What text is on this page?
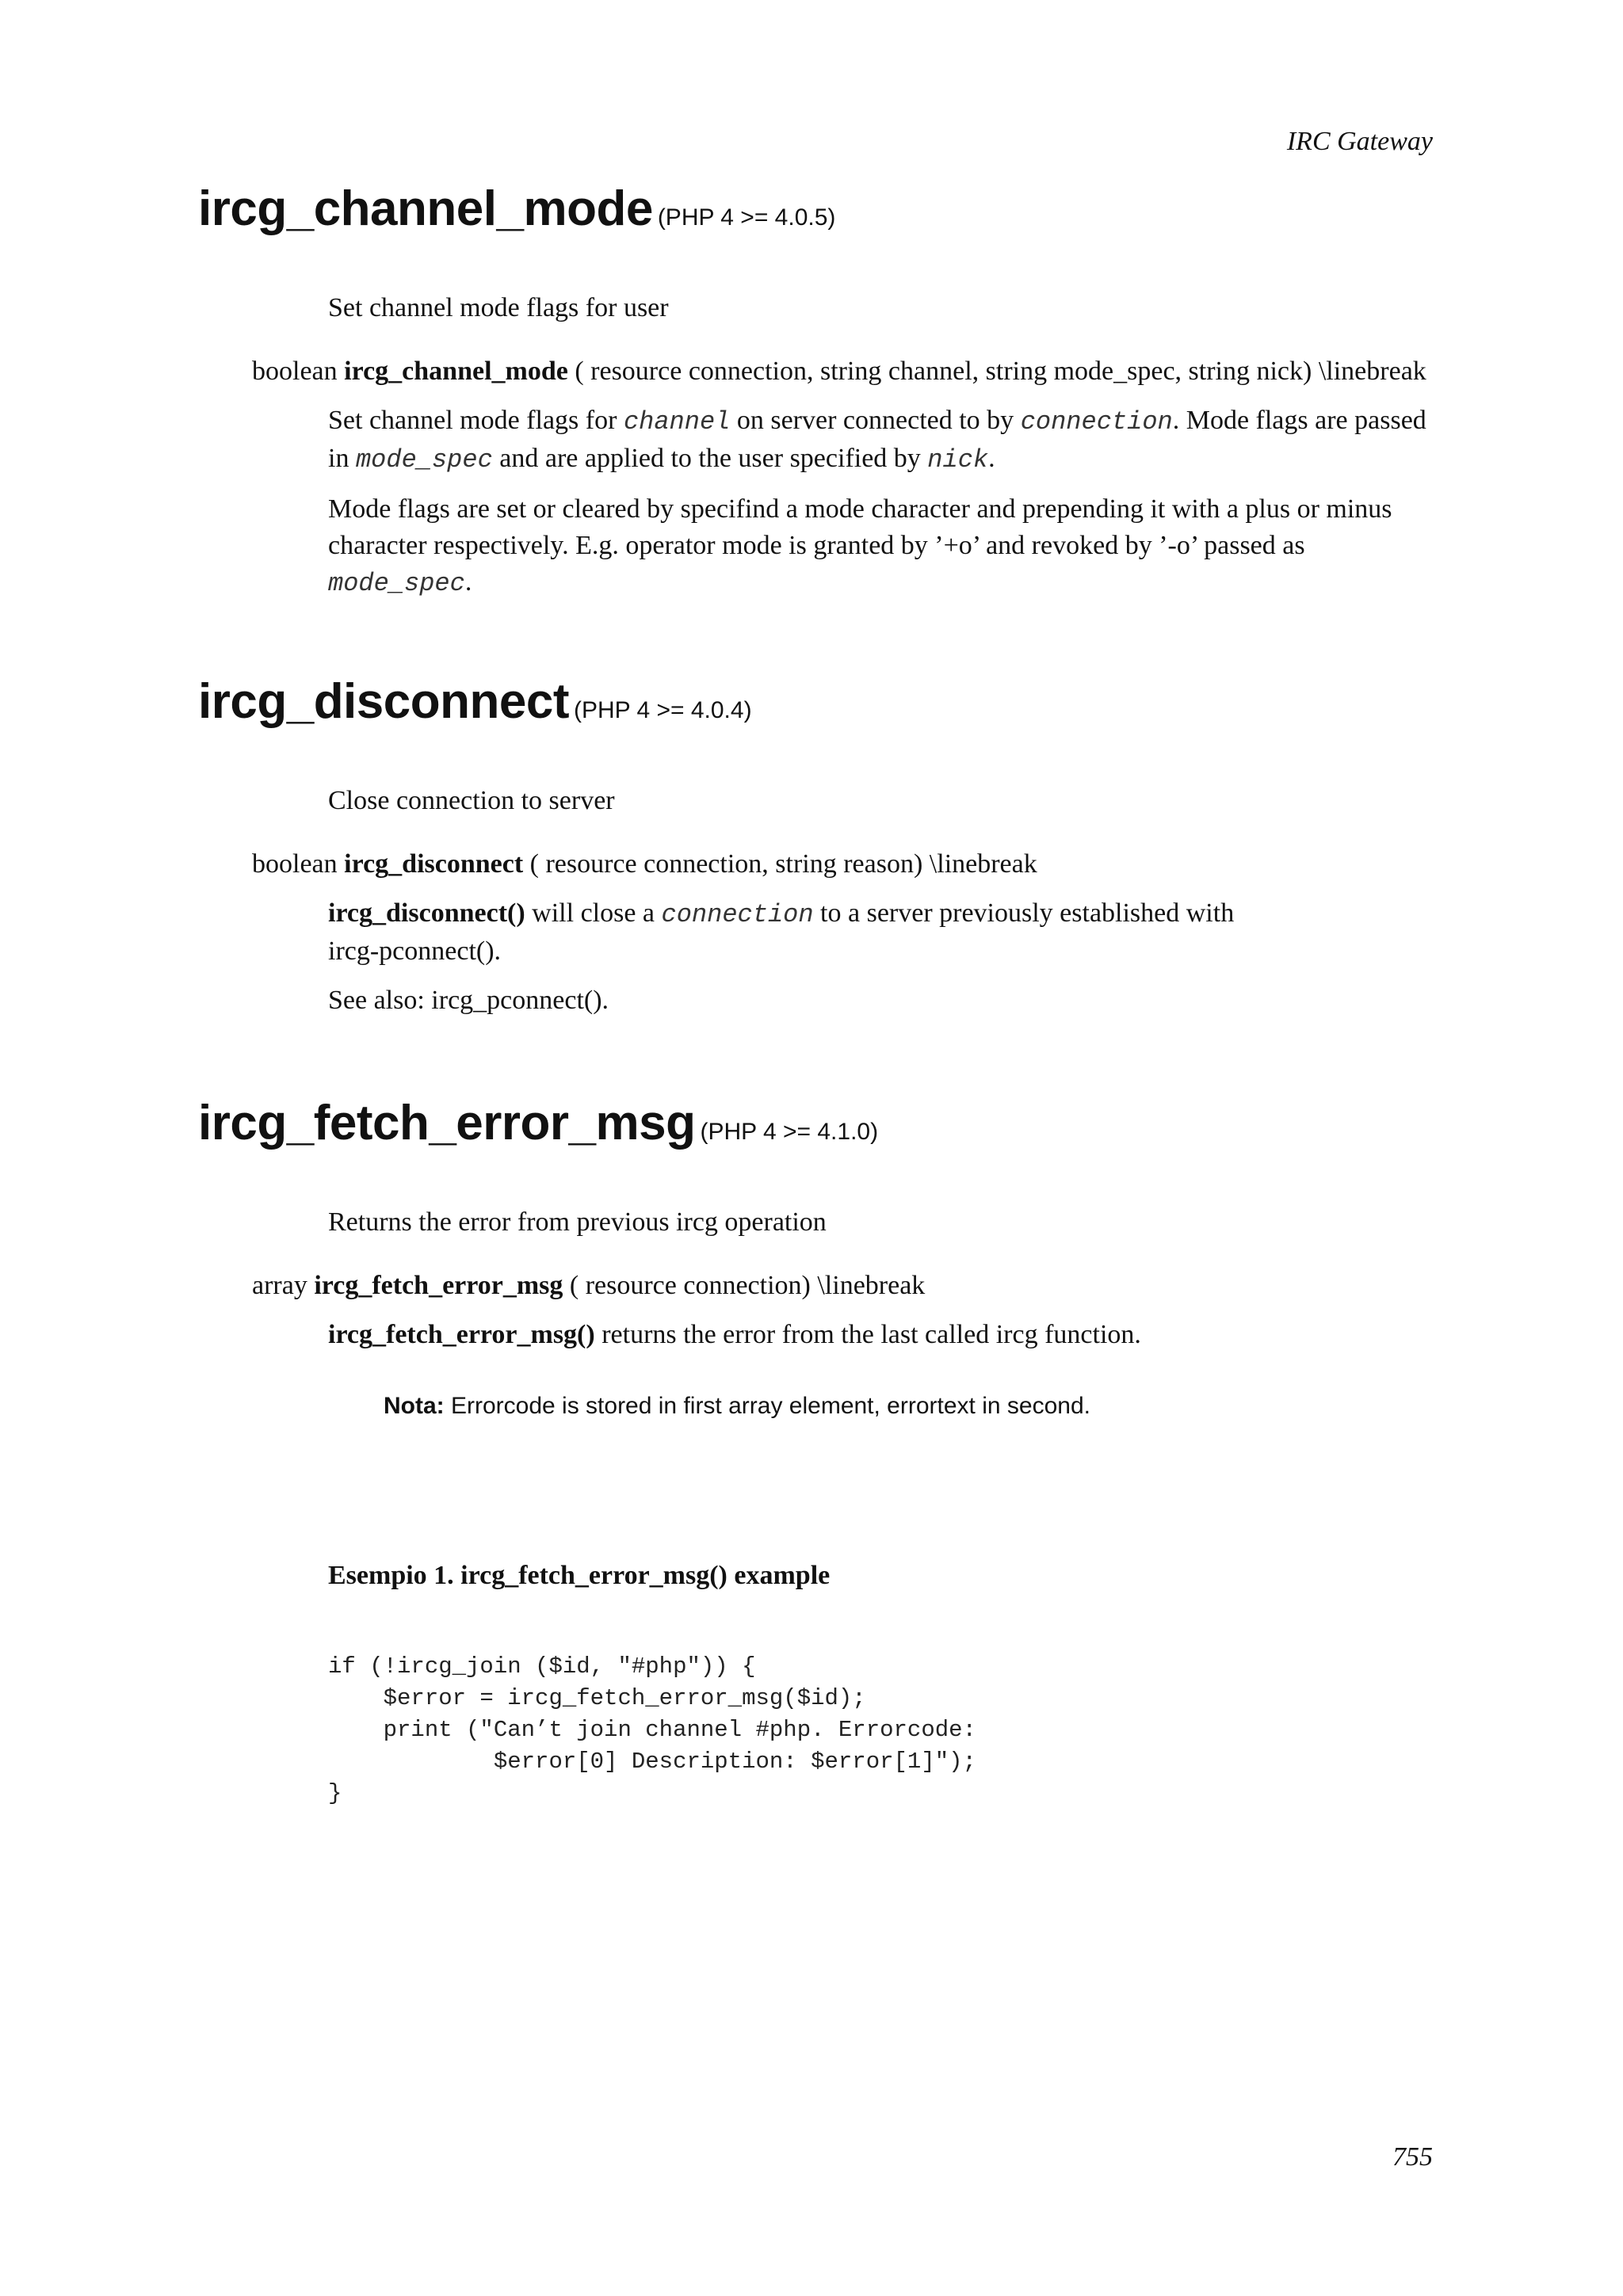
IRC Gateway
ircg_channel_mode (PHP 4 >= 4.0.5)
Set channel mode flags for user
boolean ircg_channel_mode ( resource connection, string channel, string mode_spec, string nick) \linebreak

Set channel mode flags for channel on server connected to by connection. Mode flags are passed in mode_spec and are applied to the user specified by nick.

Mode flags are set or cleared by specifind a mode character and prepending it with a plus or minus character respectively. E.g. operator mode is granted by ’+o’ and revoked by ’-o’ passed as mode_spec.

ircg_disconnect (PHP 4 >= 4.0.4)
Close connection to server
boolean ircg_disconnect ( resource connection, string reason) \linebreak

ircg_disconnect() will close a connection to a server previously established with ircg-pconnect().

See also: ircg_pconnect().

ircg_fetch_error_msg (PHP 4 >= 4.1.0)
Returns the error from previous ircg operation
array ircg_fetch_error_msg ( resource connection) \linebreak

ircg_fetch_error_msg() returns the error from the last called ircg function.

Nota: Errorcode is stored in first array element, errortext in second.
Esempio 1. ircg_fetch_error_msg() example
if (!ircg_join ($id, "#php")) {
$error = ircg_fetch_error_msg($id);
print ("Can’t join channel #php. Errorcode:
$error[0] Description: $error[1]");
}
755
